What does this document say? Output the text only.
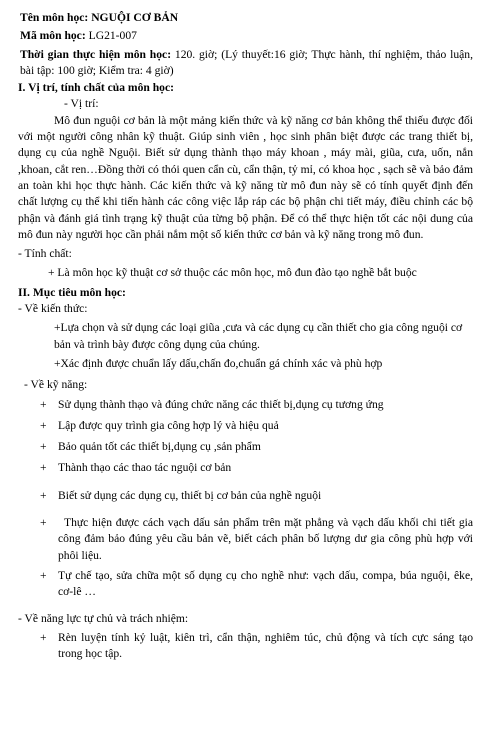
Tên môn học: NGUỘI CƠ BẢN

Mã môn học: LG21-007

Thời gian thực hiện môn học: 120. giờ; (Lý thuyết:16 giờ; Thực hành, thí nghiệm, thảo luận, bài tập: 100 giờ; Kiểm tra: 4 giờ)

I. Vị trí, tính chất của môn học:

- Vị trí:

Mô đun nguội cơ bản là một mảng kiến thức và kỹ năng cơ bản không thể thiếu được đối với một người công nhân kỹ thuật. Giúp sinh viên , học sinh phân biệt được các trang thiết bị, dụng cụ của nghề Nguội. Biết sử dụng thành thạo máy khoan , máy mài, giũa, cưa, uốn, nắn ,khoan, cắt ren…Đồng thời có thói quen cẩn cù, cẩn thận, tỷ mỉ, có khoa học , sạch sẽ và bảo đảm an toàn khi học thực hành. Các kiến thức và kỹ năng từ mô đun này sẽ có tính quyết định đến chất lượng cụ thể khi tiến hành các công việc lắp ráp các bộ phận chi tiết máy, điều chỉnh các bộ phận và đánh giá tình trạng kỹ thuật của từng bộ phận. Để có thể thực hiện tốt các nội dung của mô đun này người học cần phải nắm một số kiến thức cơ bản và kỹ năng trong mô đun.

- Tính chất:

+ Là môn học kỹ thuật cơ sở thuộc các môn học, mô đun đào tạo nghề bắt buộc

II. Mục tiêu môn học:

- Về kiến thức:

+Lựa chọn và sử dụng các loại giũa ,cưa và các dụng cụ cần thiết cho gia công nguội cơ bản và trình bày được công dụng của chúng.

+Xác định được chuẩn lấy dấu,chấn đo,chuẩn gá chính xác và phù hợp

- Về kỹ năng:

+ Sử dụng thành thạo và đúng chức năng các thiết bị,dụng cụ tương ứng
+ Lập được quy trình gia công hợp lý và hiệu quả
+ Bảo quản tốt các thiết bị,dụng cụ ,sản phẩm
+ Thành thạo các thao tác nguội cơ bản
+ Biết sử dụng các dụng cụ, thiết bị cơ bản của nghề nguội
+	Thực hiện được cách vạch dấu sản phẩm trên mặt phẳng và vạch dấu khối chi tiết gia công đảm bảo đúng yêu cầu bản vẽ, biết cách phân bố lượng dư gia công phù hợp với phôi liệu.
+ Tự chế tạo, sửa chữa một số dụng cụ cho nghề như: vạch dấu, compa, búa nguội, êke, cơ-lê …

- Về năng lực tự chủ và trách nhiệm:

+ Rèn luyện tính kỷ luật, kiên trì, cẩn thận, nghiêm túc, chủ động và tích cực sáng tạo trong học tập.
